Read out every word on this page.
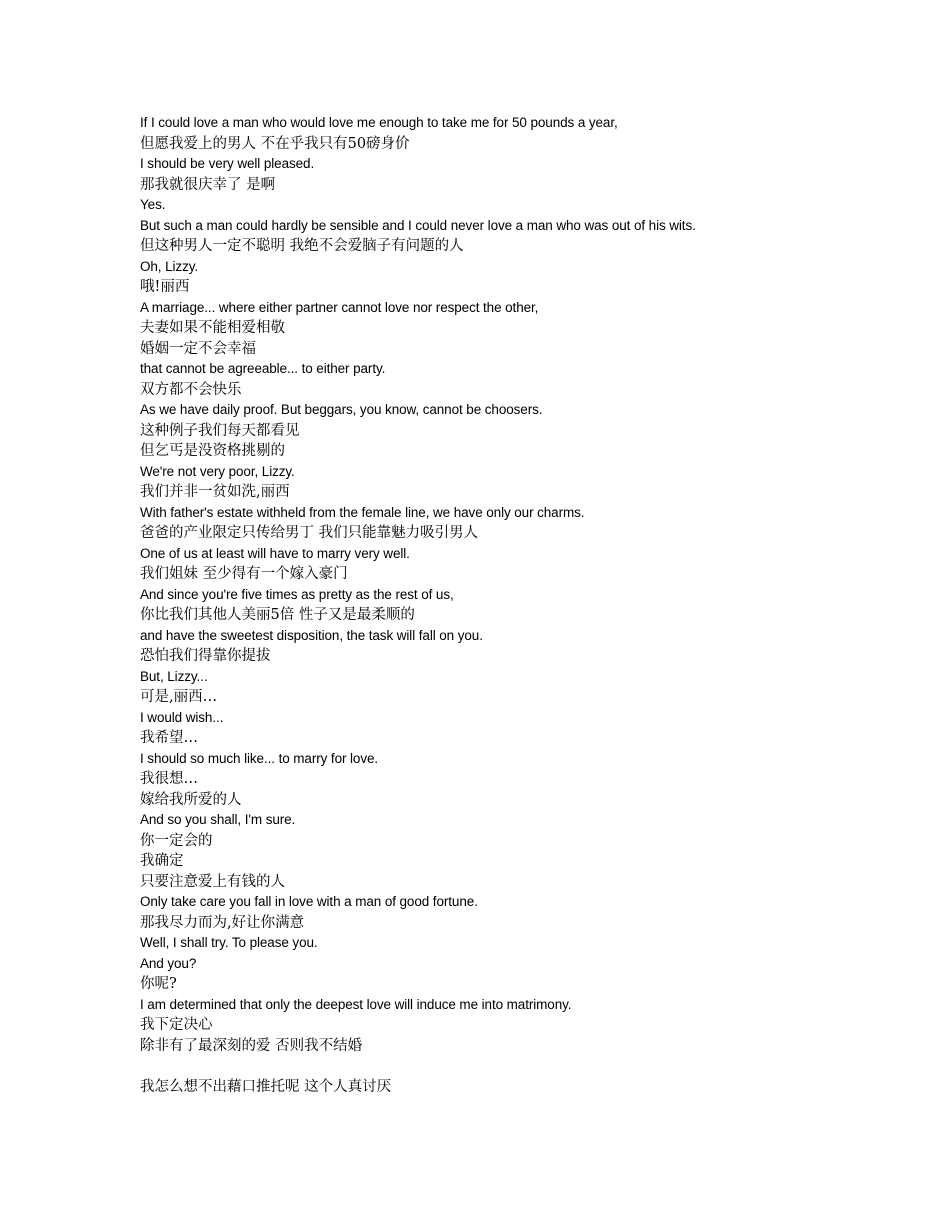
If I could love a man who would love me enough to take me for 50 pounds a year,
但愿我爱上的男人 不在乎我只有50磅身价
I should be very well pleased.
那我就很庆幸了 是啊
Yes.
But such a man could hardly be sensible and I could never love a man who was out of his wits.
但这种男人一定不聪明 我绝不会爱脑子有问题的人
Oh, Lizzy.
哦!丽西
A marriage... where either partner cannot love nor respect the other,
夫妻如果不能相爱相敬
婚姻一定不会幸福
that cannot be agreeable... to either party.
双方都不会快乐
As we have daily proof. But beggars, you know, cannot be choosers.
这种例子我们每天都看见
但乞丐是没资格挑剔的
We're not very poor, Lizzy.
我们并非一贫如洗,丽西
With father's estate withheld from the female line, we have only our charms.
爸爸的产业限定只传给男丁 我们只能靠魅力吸引男人
One of us at least will have to marry very well.
我们姐妹 至少得有一个嫁入豪门
And since you're five times as pretty as the rest of us,
你比我们其他人美丽5倍 性子又是最柔顺的
and have the sweetest disposition, the task will fall on you.
恐怕我们得靠你提拔
But, Lizzy...
可是,丽西…
I would wish...
我希望…
I should so much like... to marry for love.
我很想…
嫁给我所爱的人
And so you shall, I'm sure.
你一定会的
我确定
只要注意爱上有钱的人
Only take care you fall in love with a man of good fortune.
那我尽力而为,好让你满意
Well, I shall try. To please you.
And you?
你呢?
I am determined that only the deepest love will induce me into matrimony.
我下定决心
除非有了最深刻的爱 否则我不结婚
我怎么想不出藉口推托呢 这个人真讨厌
